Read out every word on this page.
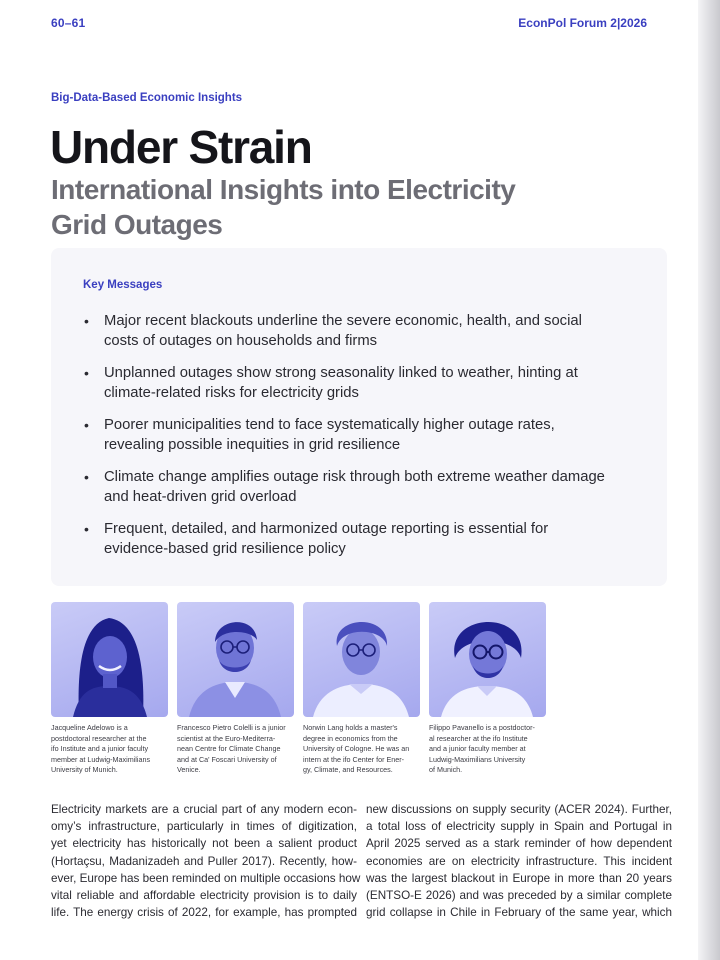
60–61	EconPol Forum 2|2026
Big-Data-Based Economic Insights
Under Strain
International Insights into Electricity
Grid Outages
Key Messages
• Major recent blackouts underline the severe economic, health, and social
costs of outages on households and firms
• Unplanned outages show strong seasonality linked to weather, hinting at
climate-related risks for electricity grids
• Poorer municipalities tend to face systematically higher outage rates,
revealing possible inequities in grid resilience
• Climate change amplifies outage risk through both extreme weather damage
and heat-driven grid overload
• Frequent, detailed, and harmonized outage reporting is essential for
evidence-based grid resilience policy
Jacqueline Adelowo is a
postdoctoral researcher at the
ifo Institute and a junior faculty
member at Ludwig-Maximilians
University of Munich.
Francesco Pietro Colelli is a junior
scientist at the Euro-Mediterra-
nean Centre for Climate Change
and at Ca' Foscari University of
Venice.
Norwin Lang holds a master's
degree in economics from the
University of Cologne. He was an
intern at the ifo Center for Ener-
gy, Climate, and Resources.
Filippo Pavanello is a postdoctor-
al researcher at the ifo Institute
and a junior faculty member at
Ludwig-Maximilians University
of Munich.
Electricity markets are a crucial part of any modern econ-
omy’s infrastructure, particularly in times of digitization,
yet electricity has historically not been a salient product
(Hortaçsu, Madanizadeh and Puller 2017). Recently, how-
ever, Europe has been reminded on multiple occasions how
vital reliable and affordable electricity provision is to daily
life. The energy crisis of 2022, for example, has prompted
new discussions on supply security (ACER 2024). Further,
a total loss of electricity supply in Spain and Portugal in
April 2025 served as a stark reminder of how dependent
economies are on electricity infrastructure. This incident
was the largest blackout in Europe in more than 20 years
(ENTSO-E 2026) and was preceded by a similar complete
grid collapse in Chile in February of the same year, which
